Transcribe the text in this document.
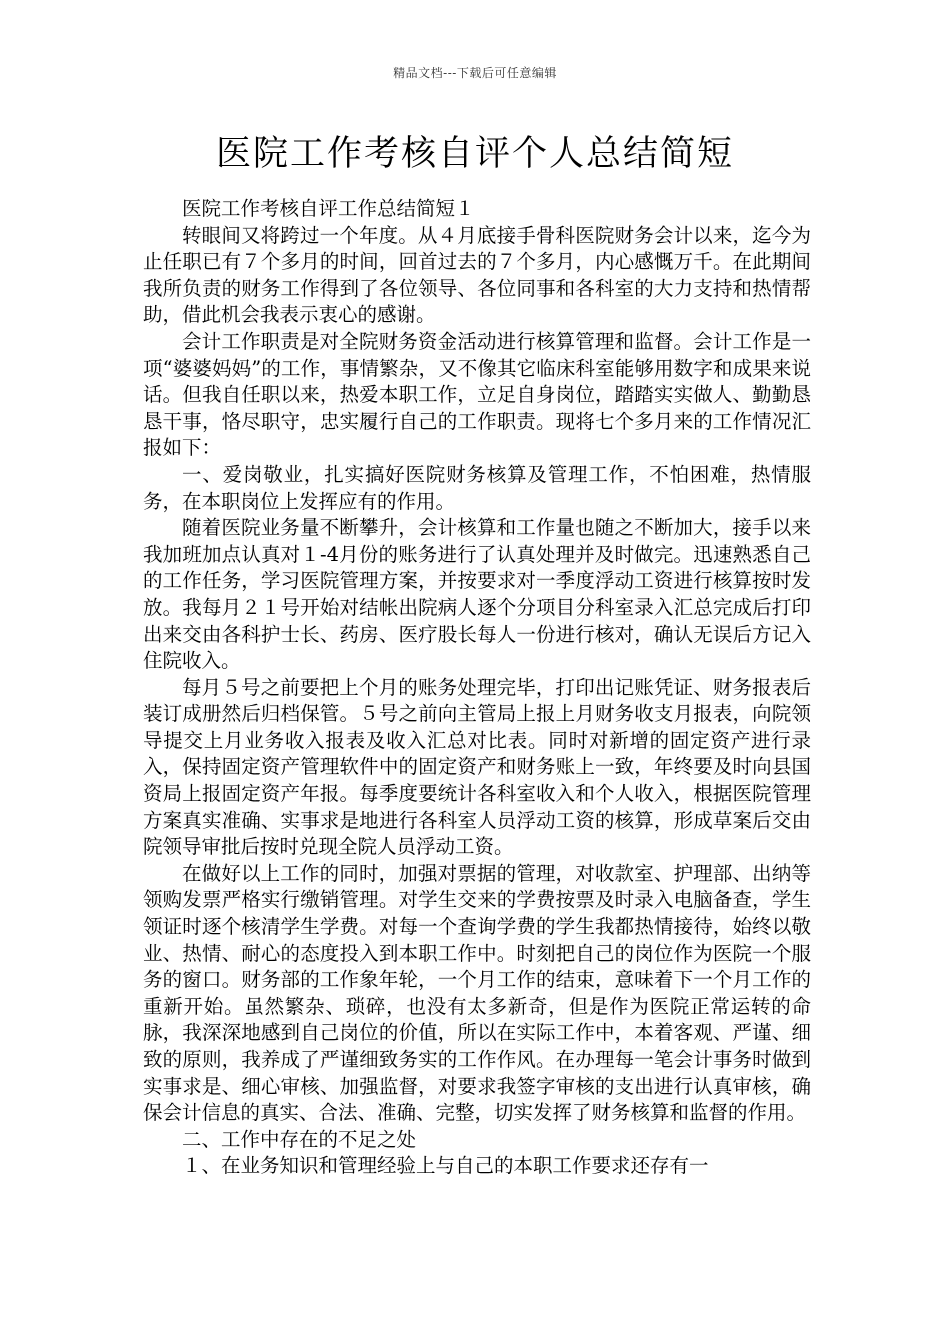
精品文档---下载后可任意编辑
医院工作考核自评个人总结简短

医院工作考核自评工作总结简短１

转眼间又将跨过一个年度。从４月底接手骨科医院财务会计以来，迄今为止任职已有７个多月的时间，回首过去的７个多月，内心感慨万千。在此期间我所负责的财务工作得到了各位领导、各位同事和各科室的大力支持和热情帮助，借此机会我表示衷心的感谢。

会计工作职责是对全院财务资金活动进行核算管理和监督。会计工作是一项“婆婆妈妈”的工作，事情繁杂，又不像其它临床科室能够用数字和成果来说话。但我自任职以来，热爱本职工作，立足自身岗位，踏踏实实做人、勤勤恳恳干事，恪尽职守，忠实履行自己的工作职责。现将七个多月来的工作情况汇报如下：

一、爱岗敬业，扎实搞好医院财务核算及管理工作，不怕困难，热情服务，在本职岗位上发挥应有的作用。

随着医院业务量不断攀升，会计核算和工作量也随之不断加大，接手以来我加班加点认真对１-4月份的账务进行了认真处理并及时做完。迅速熟悉自己的工作任务，学习医院管理方案，并按要求对一季度浮动工资进行核算按时发放。我每月２１号开始对结帐出院病人逐个分项目分科室录入汇总完成后打印出来交由各科护士长、药房、医疗股长每人一份进行核对，确认无误后方记入住院收入。

每月５号之前要把上个月的账务处理完毕，打印出记账凭证、财务报表后装订成册然后归档保管。５号之前向主管局上报上月财务收支月报表，向院领导提交上月业务收入报表及收入汇总对比表。同时对新增的固定资产进行录入，保持固定资产管理软件中的固定资产和财务账上一致，年终要及时向县国资局上报固定资产年报。每季度要统计各科室收入和个人收入，根据医院管理方案真实准确、实事求是地进行各科室人员浮动工资的核算，形成草案后交由院领导审批后按时兑现全院人员浮动工资。

在做好以上工作的同时，加强对票据的管理，对收款室、护理部、出纳等领购发票严格实行缴销管理。对学生交来的学费按票及时录入电脑备查，学生领证时逐个核清学生学费。对每一个查询学费的学生我都热情接待，始终以敬业、热情、耐心的态度投入到本职工作中。时刻把自己的岗位作为医院一个服务的窗口。财务部的工作象年轮，一个月工作的结束，意味着下一个月工作的重新开始。虽然繁杂、琐碎，也没有太多新奇，但是作为医院正常运转的命脉，我深深地感到自己岗位的价值，所以在实际工作中，本着客观、严谨、细致的原则，我养成了严谨细致务实的工作作风。在办理每一笔会计事务时做到实事求是、细心审核、加强监督，对要求我签字审核的支出进行认真审核，确保会计信息的真实、合法、准确、完整，切实发挥了财务核算和监督的作用。

二、工作中存在的不足之处

１、在业务知识和管理经验上与自己的本职工作要求还存有一
